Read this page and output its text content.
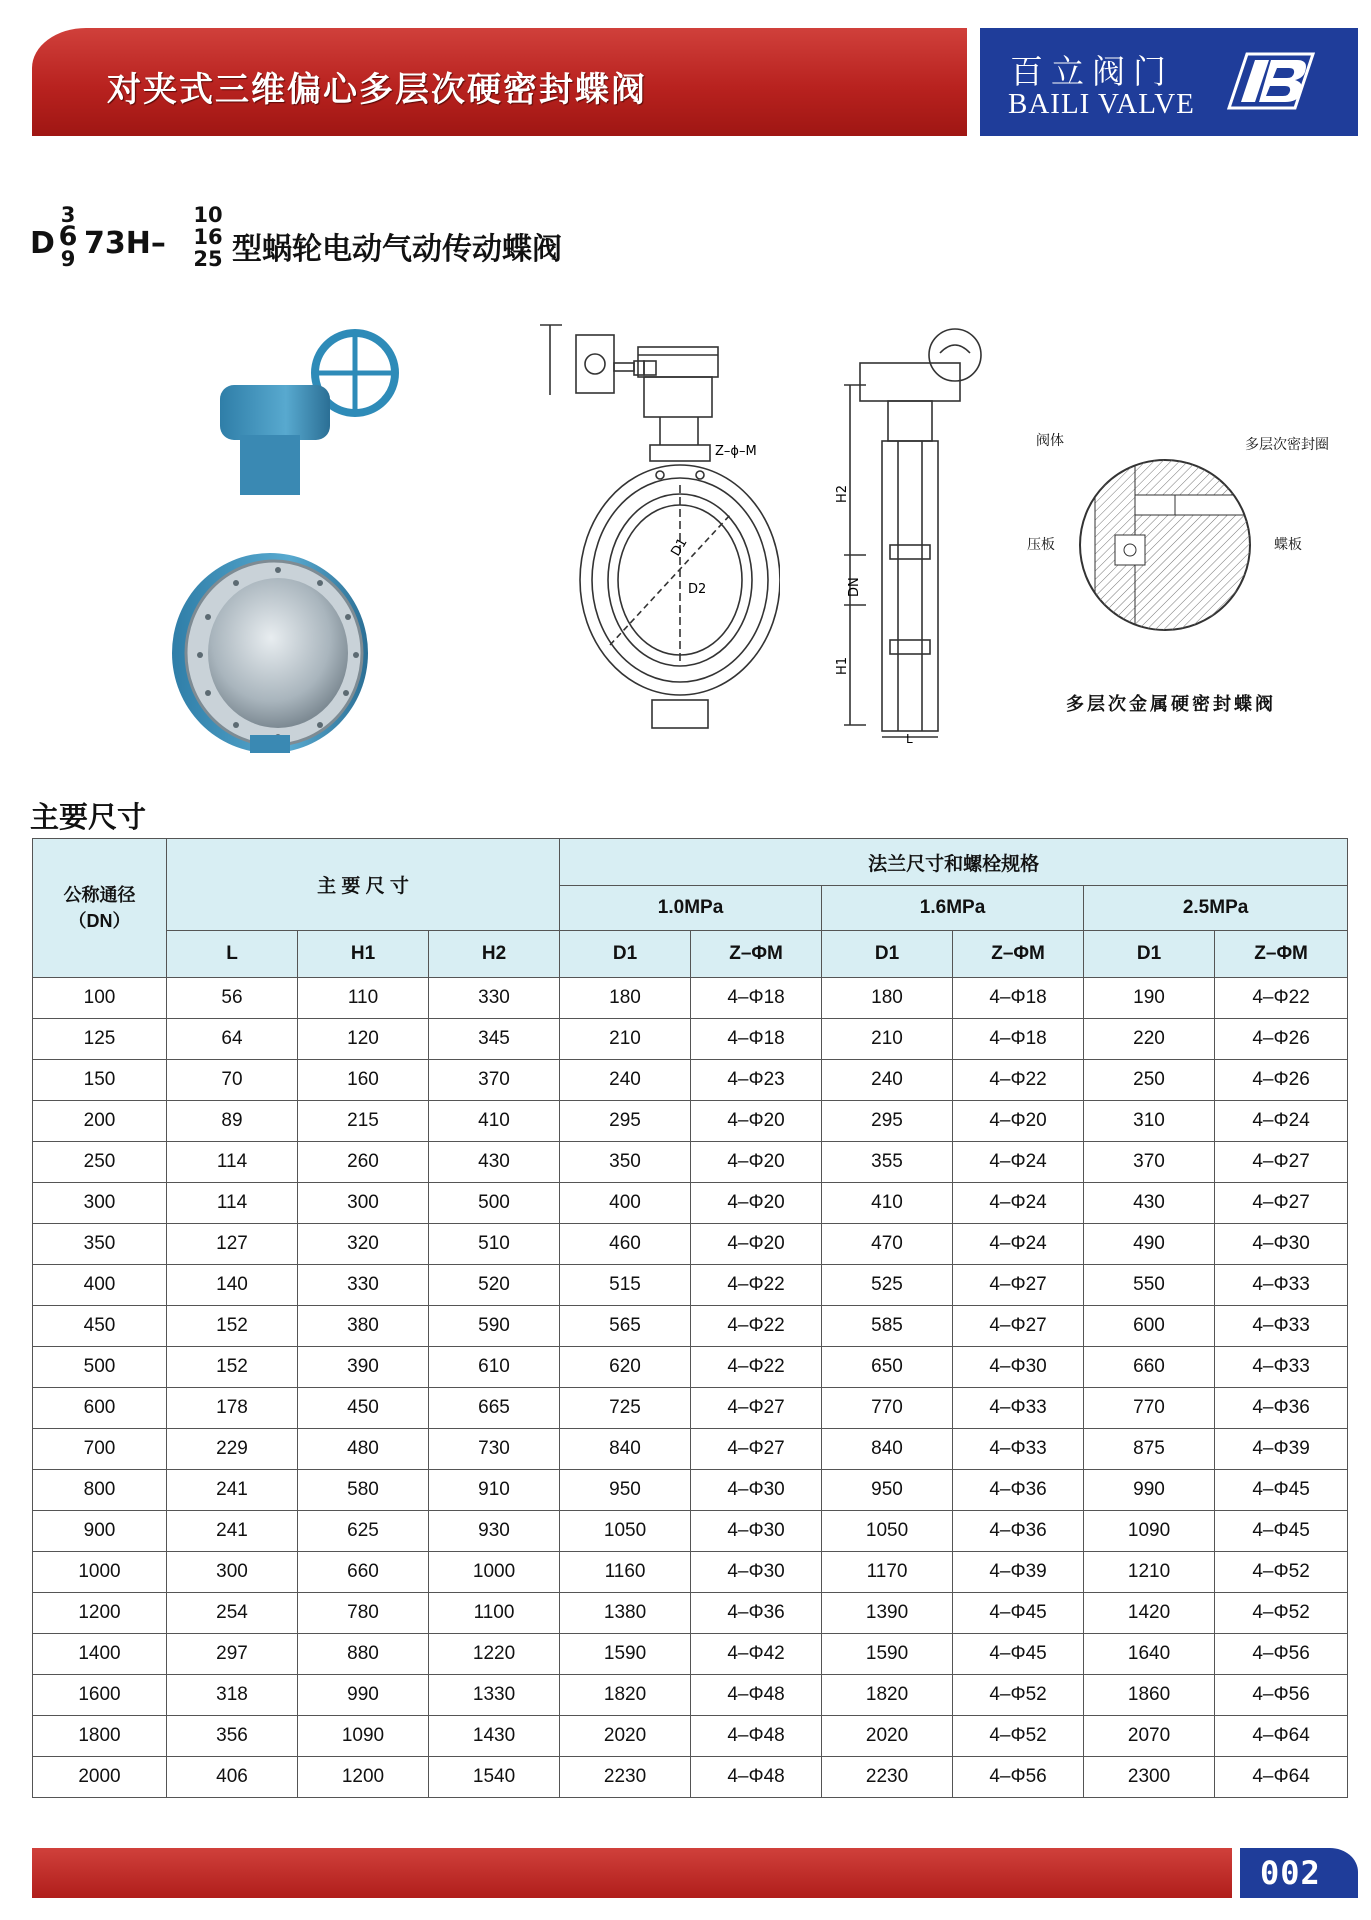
对夹式三维偏心多层次硬密封蝶阀	百立阀门
BAILI VALVE
D
3
6
9 73H–
10
16
25 型蜗轮电动气动传动蝶阀
Z–ϕ–M
D1
D2
H2
DN
H1
L
阀体	多层次密封圈
压板	蝶板
多层次金属硬密封蝶阀
主要尺寸
公称通径
（DN）	主 要 尺 寸			法兰尺寸和螺栓规格					
				1.0MPa		1.6MPa		2.5MPa	
	L	H1	H2	D1	Z–ΦM	D1	Z–ΦM	D1	Z–ΦM
100	56	110	330	180	4–Φ18	180	4–Φ18	190	4–Φ22
125	64	120	345	210	4–Φ18	210	4–Φ18	220	4–Φ26
150	70	160	370	240	4–Φ23	240	4–Φ22	250	4–Φ26
200	89	215	410	295	4–Φ20	295	4–Φ20	310	4–Φ24
250	114	260	430	350	4–Φ20	355	4–Φ24	370	4–Φ27
300	114	300	500	400	4–Φ20	410	4–Φ24	430	4–Φ27
350	127	320	510	460	4–Φ20	470	4–Φ24	490	4–Φ30
400	140	330	520	515	4–Φ22	525	4–Φ27	550	4–Φ33
450	152	380	590	565	4–Φ22	585	4–Φ27	600	4–Φ33
500	152	390	610	620	4–Φ22	650	4–Φ30	660	4–Φ33
600	178	450	665	725	4–Φ27	770	4–Φ33	770	4–Φ36
700	229	480	730	840	4–Φ27	840	4–Φ33	875	4–Φ39
800	241	580	910	950	4–Φ30	950	4–Φ36	990	4–Φ45
900	241	625	930	1050	4–Φ30	1050	4–Φ36	1090	4–Φ45
1000	300	660	1000	1160	4–Φ30	1170	4–Φ39	1210	4–Φ52
1200	254	780	1100	1380	4–Φ36	1390	4–Φ45	1420	4–Φ52
1400	297	880	1220	1590	4–Φ42	1590	4–Φ45	1640	4–Φ56
1600	318	990	1330	1820	4–Φ48	1820	4–Φ52	1860	4–Φ56
1800	356	1090	1430	2020	4–Φ48	2020	4–Φ52	2070	4–Φ64
2000	406	1200	1540	2230	4–Φ48	2230	4–Φ56	2300	4–Φ64
002
